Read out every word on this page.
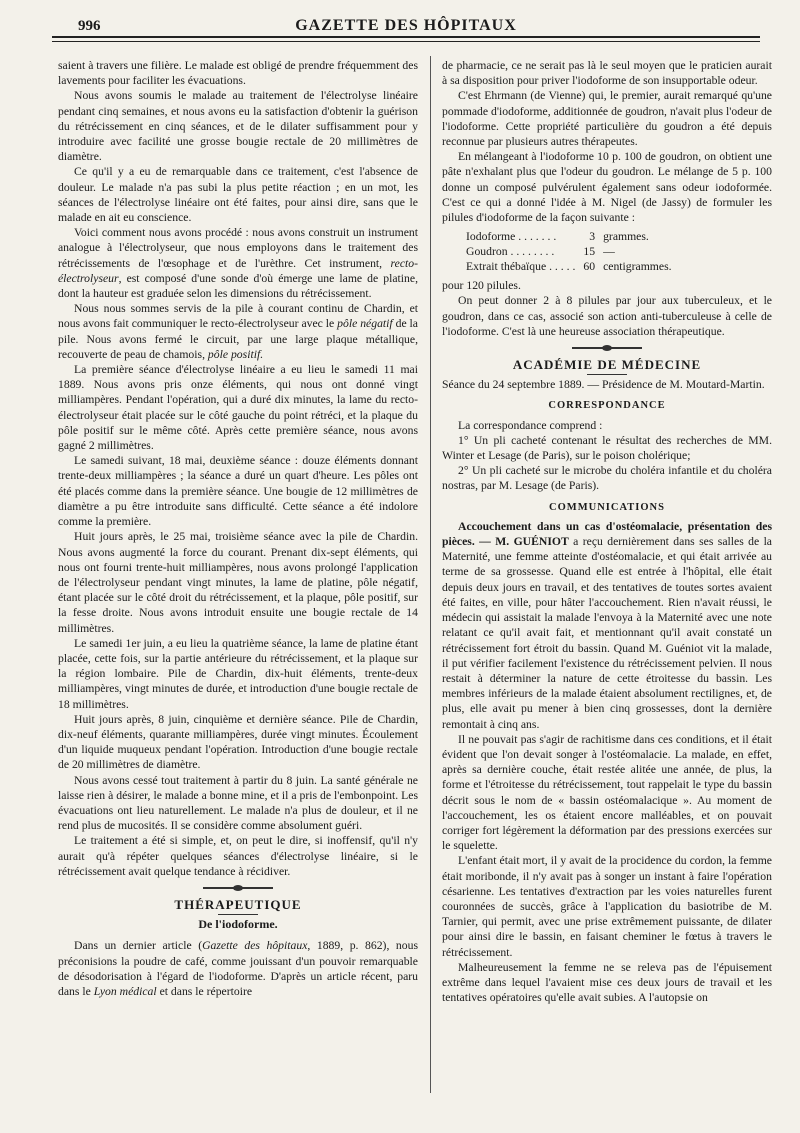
996	GAZETTE DES HÔPITAUX

saient à travers une filière. Le malade est obligé de prendre fréquemment des lavements pour faciliter les évacuations.

Nous avons soumis le malade au traitement de l'électrolyse linéaire pendant cinq semaines, et nous avons eu la satisfaction d'obtenir la guérison du rétrécissement en cinq séances, et de le dilater suffisamment pour y introduire avec facilité une grosse bougie rectale de 20 millimètres de diamètre.

Ce qu'il y a eu de remarquable dans ce traitement, c'est l'absence de douleur. Le malade n'a pas subi la plus petite réaction ; en un mot, les séances de l'électrolyse linéaire ont été faites, pour ainsi dire, sans que le malade en ait eu conscience.

Voici comment nous avons procédé : nous avons construit un instrument analogue à l'électrolyseur, que nous employons dans le traitement des rétrécissements de l'œsophage et de l'urèthre. Cet instrument, recto-électrolyseur, est composé d'une sonde d'où émerge une lame de platine, dont la hauteur est graduée selon les dimensions du rétrécissement.

Nous nous sommes servis de la pile à courant continu de Chardin, et nous avons fait communiquer le recto-électrolyseur avec le pôle négatif de la pile. Nous avons fermé le circuit, par une large plaque métallique, recouverte de peau de chamois, pôle positif.

La première séance d'électrolyse linéaire a eu lieu le samedi 11 mai 1889. Nous avons pris onze éléments, qui nous ont donné vingt milliampères. Pendant l'opération, qui a duré dix minutes, la lame du recto-électrolyseur était placée sur le côté gauche du point rétréci, et la plaque du pôle positif sur le même côté. Après cette première séance, nous avons gagné 2 millimètres.

Le samedi suivant, 18 mai, deuxième séance : douze éléments donnant trente-deux milliampères ; la séance a duré un quart d'heure. Les pôles ont été placés comme dans la première séance. Une bougie de 12 millimètres de diamètre a pu être introduite sans difficulté. Cette séance a été indolore comme la première.

Huit jours après, le 25 mai, troisième séance avec la pile de Chardin. Nous avons augmenté la force du courant. Prenant dix-sept éléments, qui nous ont fourni trente-huit milliampères, nous avons prolongé l'application de l'électrolyseur pendant vingt minutes, la lame de platine, pôle négatif, étant placée sur le côté droit du rétrécissement, et la plaque, pôle positif, sur la fesse droite. Nous avons introduit ensuite une bougie rectale de 14 millimètres.

Le samedi 1er juin, a eu lieu la quatrième séance, la lame de platine étant placée, cette fois, sur la partie antérieure du rétrécissement, et la plaque sur la région lombaire. Pile de Chardin, dix-huit éléments, trente-deux milliampères, vingt minutes de durée, et introduction d'une bougie rectale de 18 millimètres.

Huit jours après, 8 juin, cinquième et dernière séance. Pile de Chardin, dix-neuf éléments, quarante milliampères, durée vingt minutes. Écoulement d'un liquide muqueux pendant l'opération. Introduction d'une bougie rectale de 20 millimètres de diamètre.

Nous avons cessé tout traitement à partir du 8 juin. La santé générale ne laisse rien à désirer, le malade a bonne mine, et il a pris de l'embonpoint. Les évacuations ont lieu naturellement. Le malade n'a plus de douleur, et il ne rend plus de mucosités. Il se considère comme absolument guéri.

Le traitement a été si simple, et, on peut le dire, si inoffensif, qu'il n'y aurait qu'à répéter quelques séances d'électrolyse linéaire, si le rétrécissement avait quelque tendance à récidiver.

THÉRAPEUTIQUE
De l'iodoforme.

Dans un dernier article (Gazette des hôpitaux, 1889, p. 862), nous préconisions la poudre de café, comme jouissant d'un pouvoir remarquable de désodorisation à l'égard de l'iodoforme. D'après un article récent, paru dans le Lyon médical et dans le répertoire

de pharmacie, ce ne serait pas là le seul moyen que le praticien aurait à sa disposition pour priver l'iodoforme de son insupportable odeur.

C'est Ehrmann (de Vienne) qui, le premier, aurait remarqué qu'une pommade d'iodoforme, additionnée de goudron, n'avait plus l'odeur de l'iodoforme. Cette propriété particulière du goudron a été depuis reconnue par plusieurs autres thérapeutes.

En mélangeant à l'iodoforme 10 p. 100 de goudron, on obtient une pâte n'exhalant plus que l'odeur du goudron. Le mélange de 5 p. 100 donne un composé pulvérulent également sans odeur iodoformée. C'est ce qui a donné l'idée à M. Nigel (de Jassy) de formuler les pilules d'iodoforme de la façon suivante :

Iodoforme . . . . . . .	3	grammes.
Goudron . . . . . . . .	15	—
Extrait thébaïque . . . . .	60	centigrammes.

pour 120 pilules.

On peut donner 2 à 8 pilules par jour aux tuberculeux, et le goudron, dans ce cas, associé son action anti-tuberculeuse à celle de l'iodoforme. C'est là une heureuse association thérapeutique.

ACADÉMIE DE MÉDECINE

Séance du 24 septembre 1889. — Présidence de M. Moutard-Martin.

CORRESPONDANCE

La correspondance comprend :

1° Un pli cacheté contenant le résultat des recherches de MM. Winter et Lesage (de Paris), sur le poison cholérique;

2° Un pli cacheté sur le microbe du choléra infantile et du choléra nostras, par M. Lesage (de Paris).

COMMUNICATIONS

Accouchement dans un cas d'ostéomalacie, présentation des pièces. — M. GUÉNIOT a reçu dernièrement dans ses salles de la Maternité, une femme atteinte d'ostéomalacie, et qui était arrivée au terme de sa grossesse. Quand elle est entrée à l'hôpital, elle était depuis deux jours en travail, et des tentatives de toutes sortes avaient été faites, en ville, pour hâter l'accouchement. Rien n'avait réussi, le médecin qui assistait la malade l'envoya à la Maternité avec une note relatant ce qu'il avait fait, et mentionnant qu'il avait constaté un rétrécissement fort étroit du bassin. Quand M. Guéniot vit la malade, il put vérifier facilement l'existence du rétrécissement pelvien. Il nous restait à déterminer la nature de cette étroitesse du bassin. Les membres inférieurs de la malade étaient absolument rectilignes, et, de plus, elle avait pu mener à bien cinq grossesses, dont la dernière remontait à cinq ans.

Il ne pouvait pas s'agir de rachitisme dans ces conditions, et il était évident que l'on devait songer à l'ostéomalacie. La malade, en effet, après sa dernière couche, était restée alitée une année, de plus, la forme et l'étroitesse du rétrécissement, tout rappelait le type du bassin décrit sous le nom de « bassin ostéomalacique ». Au moment de l'accouchement, les os étaient encore malléables, et on pouvait corriger fort légèrement la déformation par des pressions exercées sur le squelette.

L'enfant était mort, il y avait de la procidence du cordon, la femme était moribonde, il n'y avait pas à songer un instant à faire l'opération césarienne. Les tentatives d'extraction par les voies naturelles furent couronnées de succès, grâce à l'application du basiotribe de M. Tarnier, qui permit, avec une prise extrêmement puissante, de dilater pour ainsi dire le bassin, en faisant cheminer le fœtus à travers le rétrécissement.

Malheureusement la femme ne se releva pas de l'épuisement extrême dans lequel l'avaient mise ces deux jours de travail et les tentatives opératoires qu'elle avait subies. A l'autopsie on
